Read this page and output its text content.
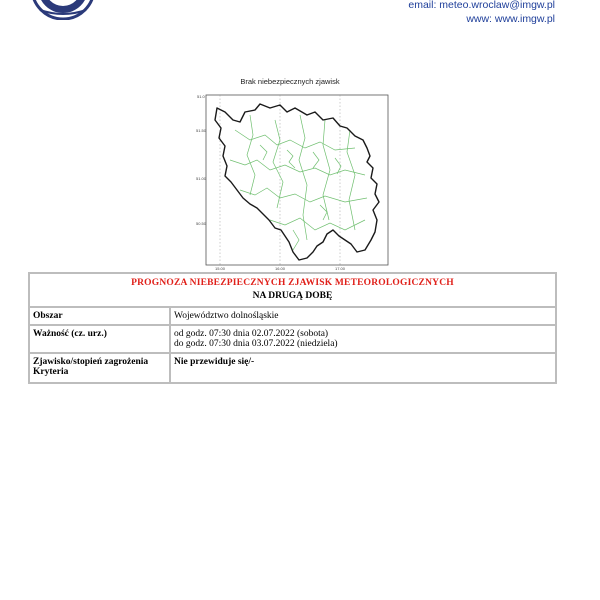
email: meteo.wroclaw@imgw.pl
www: www.imgw.pl
Brak niebezpiecznych zjawisk
51.0
51.50
51.00
50.50
15.00	16.00	17.00
PROGNOZA NIEBEZPIECZNYCH ZJAWISK METEOROLOGICZNYCH
NA DRUGĄ DOBĘ	

Obszar	Województwo dolnośląskie
Ważność (cz. urz.)	od godz. 07:30 dnia 02.07.2022 (sobota)
do godz. 07:30 dnia 03.07.2022 (niedziela)

Zjawisko/stopień zagrożenia
Kryteria	Nie przewiduje się/-
